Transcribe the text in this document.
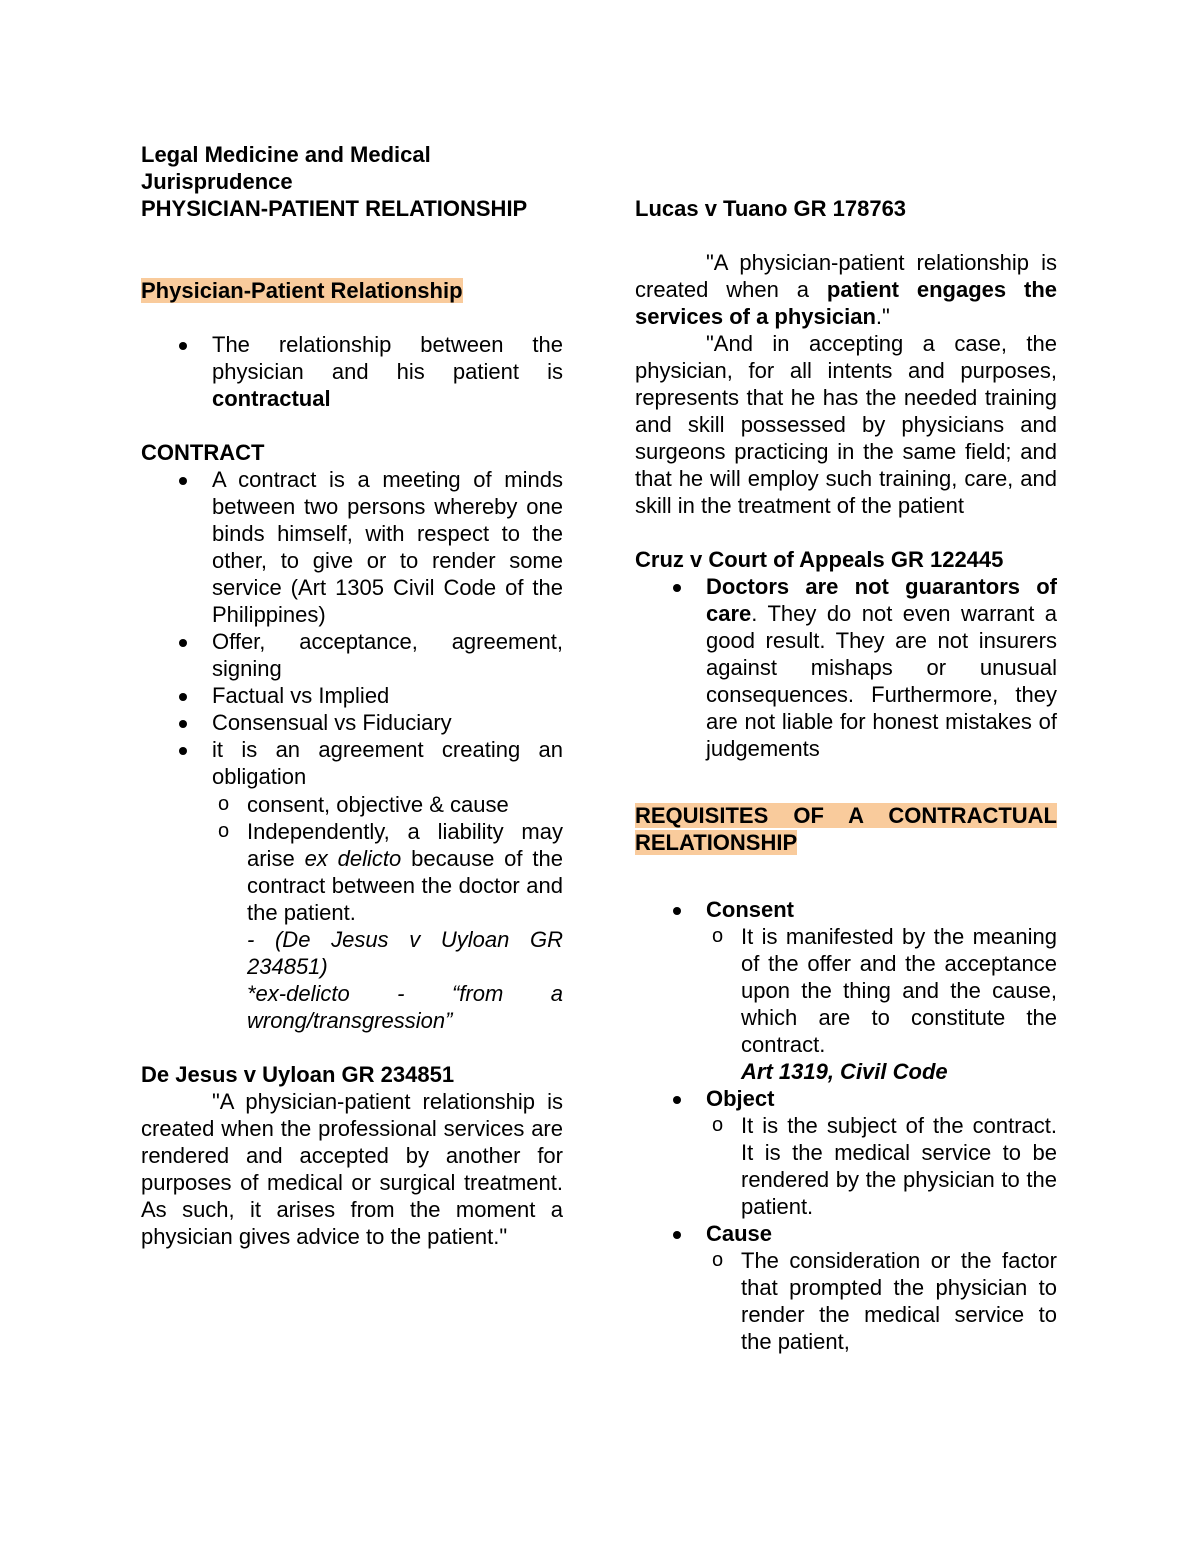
Legal Medicine and Medical
Jurisprudence
PHYSICIAN-PATIENT RELATIONSHIP
Physician-Patient Relationship
The relationship between the physician and his patient is contractual
CONTRACT
A contract is a meeting of minds between two persons whereby one binds himself, with respect to the other, to give or to render some service (Art 1305 Civil Code of the Philippines)
Offer, acceptance, agreement, signing
Factual vs Implied
Consensual vs Fiduciary
it is an agreement creating an obligation
o consent, objective & cause
o Independently, a liability may arise ex delicto because of the contract between the doctor and the patient.
- (De Jesus v Uyloan GR 234851)
*ex-delicto - “from a wrong/transgression”
De Jesus v Uyloan GR 234851

"A physician-patient relationship is created when the professional services are rendered and accepted by another for purposes of medical or surgical treatment. As such, it arises from the moment a physician gives advice to the patient."

Lucas v Tuano GR 178763

"A physician-patient relationship is created when a patient engages the services of a physician."

"And in accepting a case, the physician, for all intents and purposes, represents that he has the needed training and skill possessed by physicians and surgeons practicing in the same field; and that he will employ such training, care, and skill in the treatment of the patient

Cruz v Court of Appeals GR 122445
Doctors are not guarantors of care. They do not even warrant a good result. They are not insurers against mishaps or unusual consequences. Furthermore, they are not liable for honest mistakes of judgements
REQUISITES OF A CONTRACTUAL RELATIONSHIP
Consent
o It is manifested by the meaning of the offer and the acceptance upon the thing and the cause, which are to constitute the contract.
Art 1319, Civil Code
Object
o It is the subject of the contract. It is the medical service to be rendered by the physician to the patient.
Cause
o The consideration or the factor that prompted the physician to render the medical service to the patient,
